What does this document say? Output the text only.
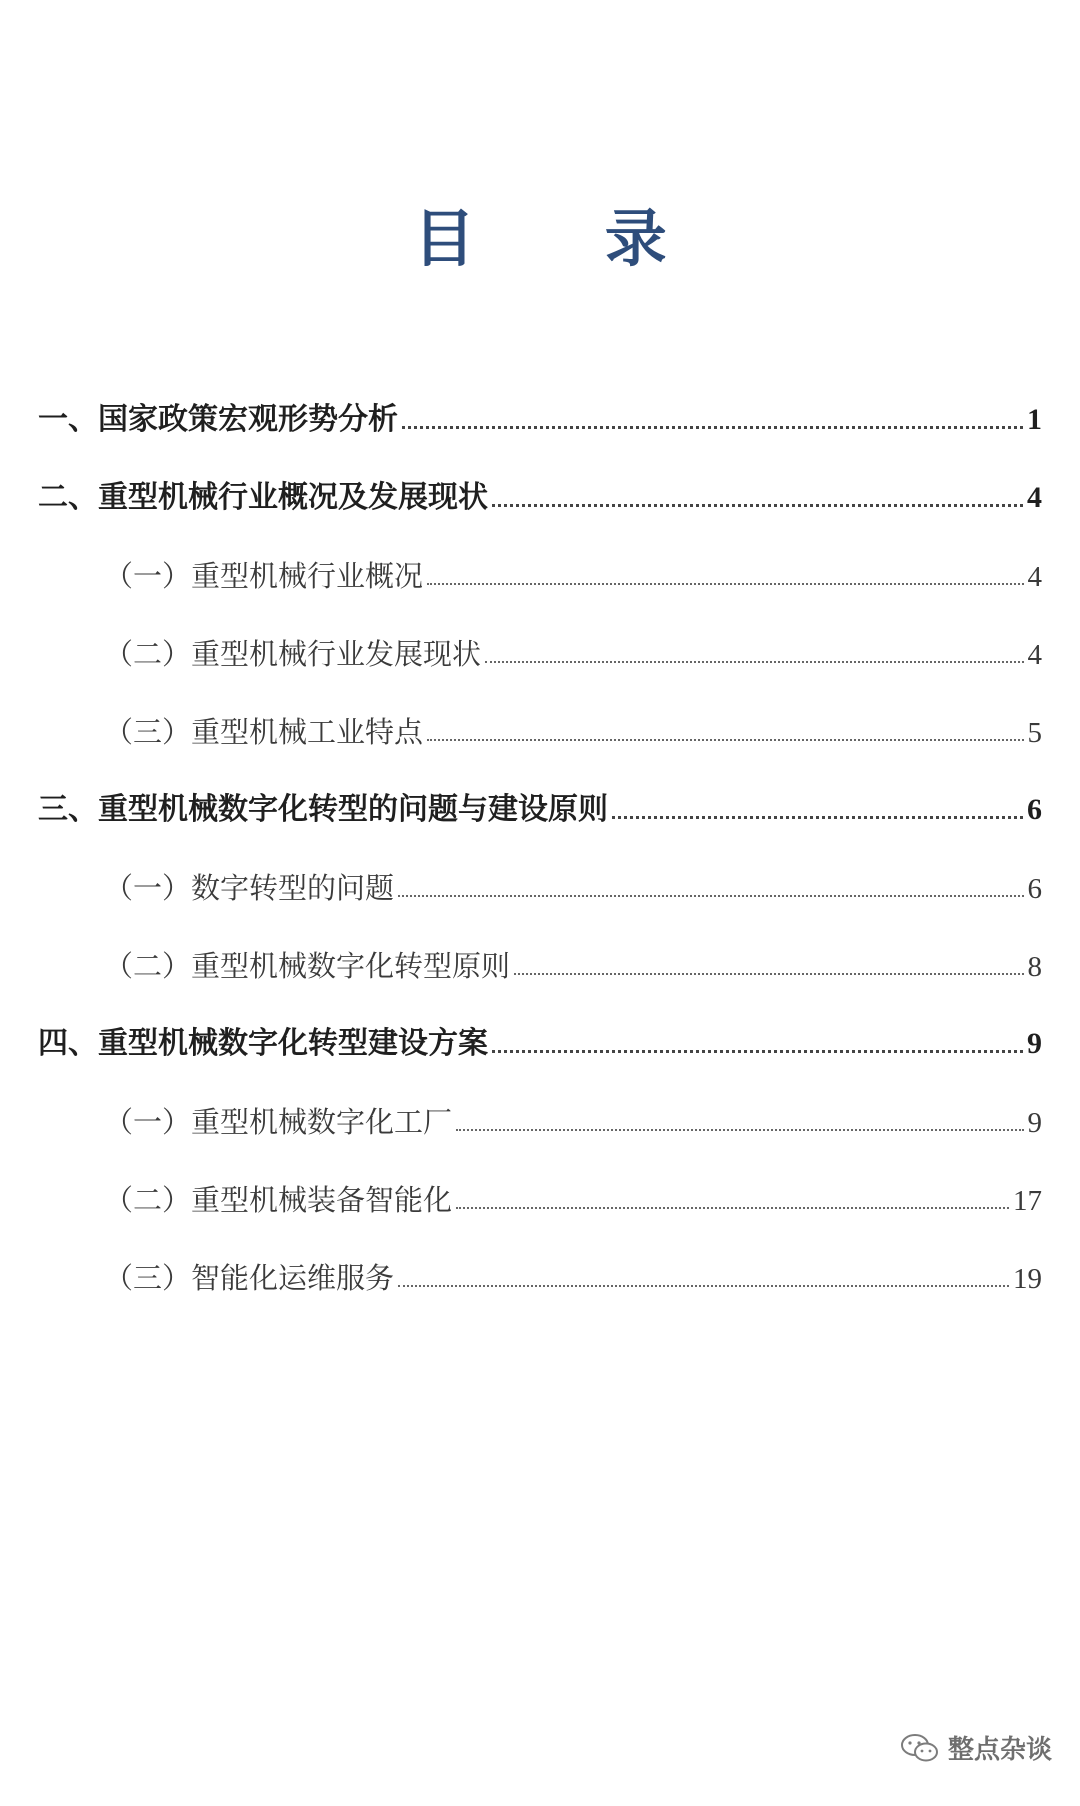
目 录
一、国家政策宏观形势分析	1
二、重型机械行业概况及发展现状	4
（一）重型机械行业概况	4
（二）重型机械行业发展现状	4
（三）重型机械工业特点	5
三、重型机械数字化转型的问题与建设原则	6
（一）数字转型的问题	6
（二）重型机械数字化转型原则	8
四、重型机械数字化转型建设方案	9
（一）重型机械数字化工厂	9
（二）重型机械装备智能化	17
（三）智能化运维服务	19
整点杂谈
